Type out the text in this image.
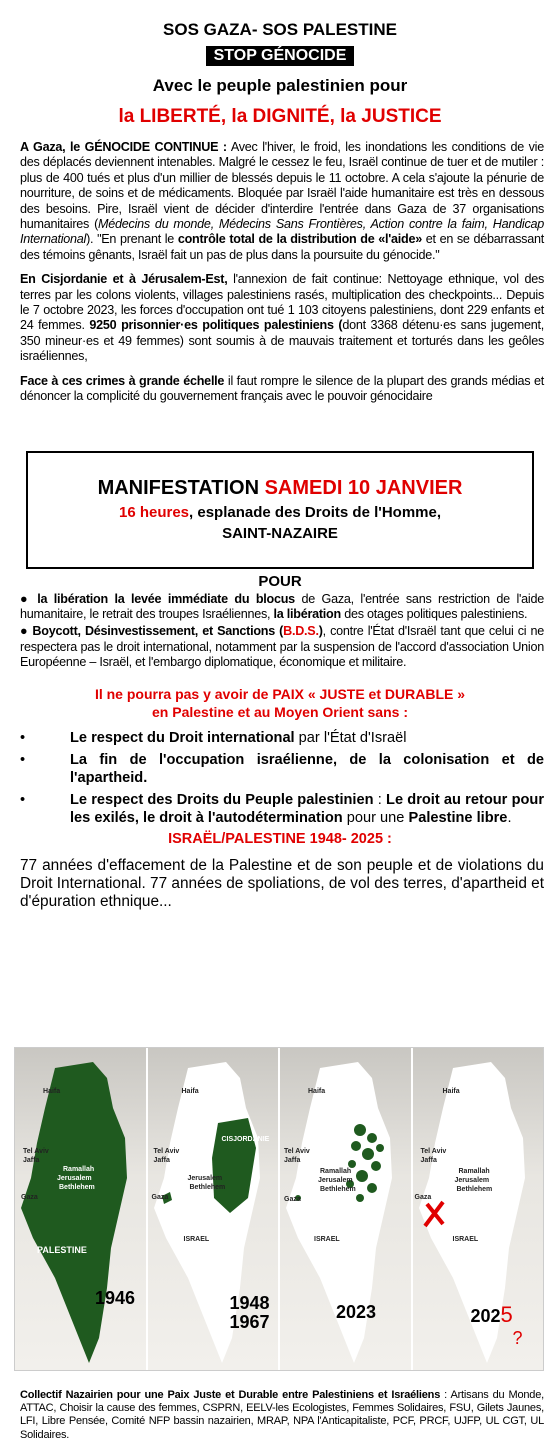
SOS GAZA- SOS PALESTINE
STOP GÉNOCIDE
Avec le peuple palestinien pour
la LIBERTÉ, la DIGNITÉ, la JUSTICE
A Gaza, le GÉNOCIDE CONTINUE : Avec l'hiver, le froid, les inondations les conditions de vie des déplacés deviennent intenables. Malgré le cessez le feu, Israël continue de tuer et de mutiler : plus de 400 tués et plus d'un millier de blessés depuis le 11 octobre. A cela s'ajoute la pénurie de nourriture, de soins et de médicaments. Bloquée par Israël l'aide humanitaire est très en dessous des besoins. Pire, Israël vient de décider d'interdire l'entrée dans Gaza de 37 organisations humanitaires (Médecins du monde, Médecins Sans Frontières, Action contre la faim, Handicap International). "En prenant le contrôle total de la distribution de «l'aide» et en se débarrassant des témoins gênants, Israël fait un pas de plus dans la poursuite du génocide."
En Cisjordanie et à Jérusalem-Est, l'annexion de fait continue: Nettoyage ethnique, vol des terres par les colons violents, villages palestiniens rasés, multiplication des checkpoints... Depuis le 7 octobre 2023, les forces d'occupation ont tué 1 103 citoyens palestiniens, dont 229 enfants et 24 femmes. 9250 prisonnier·es politiques palestiniens (dont 3368 détenu·es sans jugement, 350 mineur·es et 49 femmes) sont soumis à de mauvais traitement et torturés dans les geôles israéliennes,
Face à ces crimes à grande échelle il faut rompre le silence de la plupart des grands médias et dénoncer la complicité du gouvernement français avec le pouvoir génocidaire
MANIFESTATION SAMEDI 10 JANVIER
16 heures, esplanade des Droits de l'Homme,
SAINT-NAZAIRE
POUR
● la libération la levée immédiate du blocus de Gaza, l'entrée sans restriction de l'aide humanitaire, le retrait des troupes Israéliennes, la libération des otages politiques palestiniens.
● Boycott, Désinvestissement, et Sanctions (B.D.S.), contre l'État d'Israël tant que celui ci ne respectera pas le droit international, notamment par la suspension de l'accord d'association Union Européenne – Israël, et l'embargo diplomatique, économique et militaire.
Il ne pourra pas y avoir de PAIX « JUSTE et DURABLE »
en Palestine et au Moyen Orient sans :
•	Le respect du Droit international par l'État d'Israël
•	La fin de l'occupation israélienne, de la colonisation et de l'apartheid.
•	Le respect des Droits du Peuple palestinien : Le droit au retour pour les exilés, le droit à l'autodétermination pour une Palestine libre.
ISRAËL/PALESTINE 1948- 2025 :
77 années d'effacement de la Palestine et de son peuple et de violations du Droit International. 77 années de spoliations, de vol des terres, d'apartheid et d'épuration ethnique...
Haifa
Tel Aviv
Jaffa
Ramallah
Jerusalem
Bethlehem
Gaza
PALESTINE
1946
Haifa
Tel Aviv
Jaffa
CISJORDANIE
Jerusalem
Bethlehem
Gaza
ISRAEL
1948
1967
Haifa
Tel Aviv
Jaffa
Ramallah
Jerusalem
Bethlehem
Gaza
ISRAEL
2023
Haifa
Tel Aviv
Jaffa
Ramallah
Jerusalem
Bethlehem
Gaza
ISRAEL
2025
?
Collectif Nazairien pour une Paix Juste et Durable entre Palestiniens et Israéliens : Artisans du Monde, ATTAC, Choisir la cause des femmes, CSPRN, EELV-les Ecologistes, Femmes Solidaires, FSU, Gilets Jaunes, LFI, Libre Pensée, Comité NFP bassin nazairien, MRAP, NPA l'Anticapitaliste, PCF, PRCF, UJFP, UL CGT, UL Solidaires.
